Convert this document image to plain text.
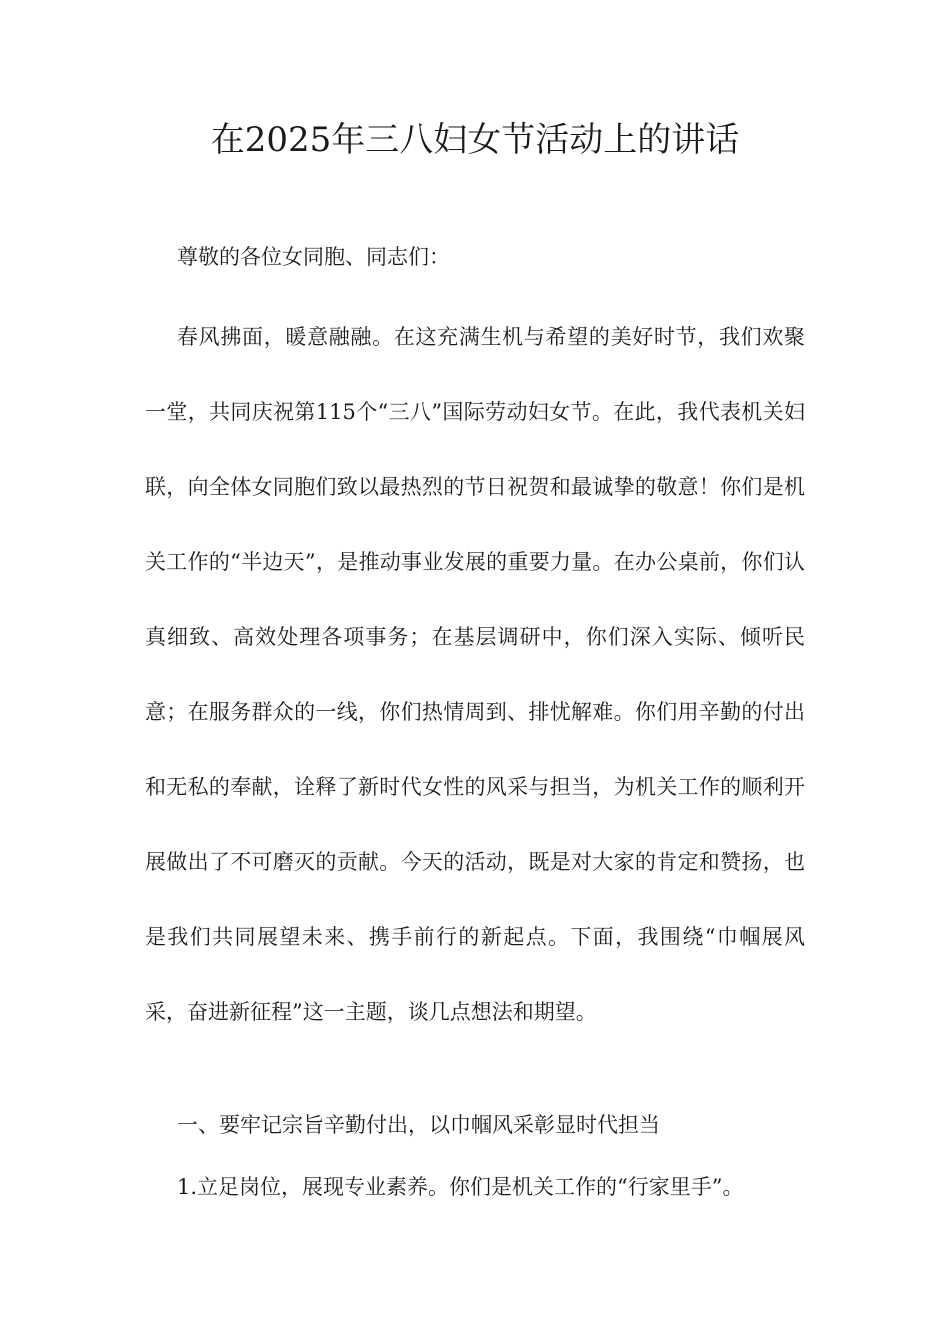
在2025年三八妇女节活动上的讲话

尊敬的各位女同胞、同志们：

春风拂面，暖意融融。在这充满生机与希望的美好时节，我们欢聚一堂，共同庆祝第115个“三八”国际劳动妇女节。在此，我代表机关妇联，向全体女同胞们致以最热烈的节日祝贺和最诚挚的敬意！你们是机关工作的“半边天”，是推动事业发展的重要力量。在办公桌前，你们认真细致、高效处理各项事务；在基层调研中，你们深入实际、倾听民意；在服务群众的一线，你们热情周到、排忧解难。你们用辛勤的付出和无私的奉献，诠释了新时代女性的风采与担当，为机关工作的顺利开展做出了不可磨灭的贡献。今天的活动，既是对大家的肯定和赞扬，也是我们共同展望未来、携手前行的新起点。下面，我围绕“巾帼展风采，奋进新征程”这一主题，谈几点想法和期望。

一、要牢记宗旨辛勤付出，以巾帼风采彰显时代担当

1.立足岗位，展现专业素养。你们是机关工作的“行家里手”。
